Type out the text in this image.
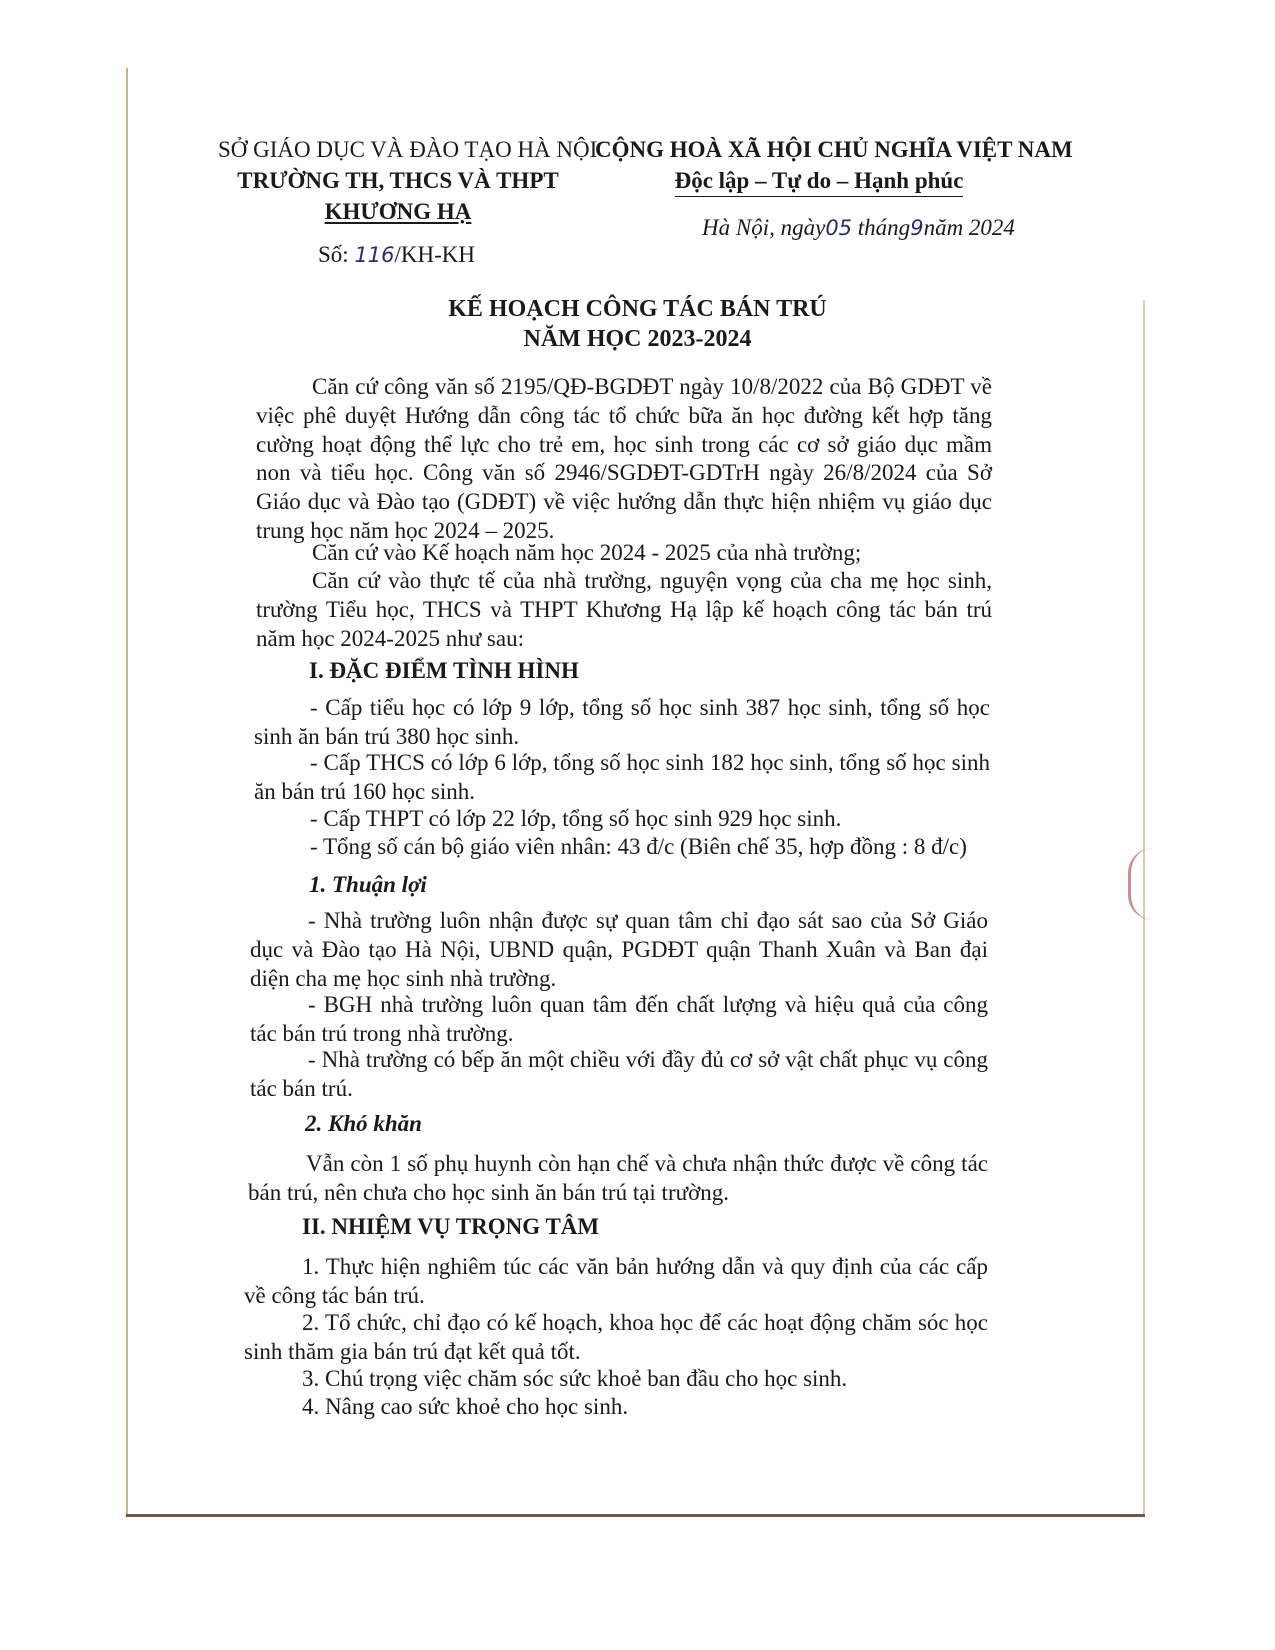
SỞ GIÁO DỤC VÀ ĐÀO TẠO HÀ NỘI
TRƯỜNG TH, THCS VÀ THPT
KHƯƠNG HẠ
Số: 116/KH-KH
CỘNG HOÀ XÃ HỘI CHỦ NGHĨA VIỆT NAM
Độc lập – Tự do – Hạnh phúc
Hà Nội, ngày05 tháng9năm 2024
KẾ HOẠCH CÔNG TÁC BÁN TRÚ
NĂM HỌC 2023-2024

Căn cứ công văn số 2195/QĐ-BGDĐT ngày 10/8/2022 của Bộ GDĐT về việc phê duyệt Hướng dẫn công tác tổ chức bữa ăn học đường kết hợp tăng cường hoạt động thể lực cho trẻ em, học sinh trong các cơ sở giáo dục mầm non và tiểu học. Công văn số 2946/SGDĐT-GDTrH ngày 26/8/2024 của Sở Giáo dục và Đào tạo (GDĐT) về việc hướng dẫn thực hiện nhiệm vụ giáo dục trung học năm học 2024 – 2025.

Căn cứ vào Kế hoạch năm học 2024 - 2025 của nhà trường;

Căn cứ vào thực tế của nhà trường, nguyện vọng của cha mẹ học sinh, trường Tiểu học, THCS và THPT Khương Hạ lập kế hoạch công tác bán trú năm học 2024-2025 như sau:

I. ĐẶC ĐIỂM TÌNH HÌNH

- Cấp tiểu học có lớp 9 lớp, tổng số học sinh 387 học sinh, tổng số học sinh ăn bán trú 380 học sinh.

- Cấp THCS có lớp 6 lớp, tổng số học sinh 182 học sinh, tổng số học sinh ăn bán trú 160 học sinh.

- Cấp THPT có lớp 22 lớp, tổng số học sinh 929 học sinh.

- Tổng số cán bộ giáo viên nhân: 43 đ/c (Biên chế 35, hợp đồng : 8 đ/c)

1. Thuận lợi

- Nhà trường luôn nhận được sự quan tâm chỉ đạo sát sao của Sở Giáo dục và Đào tạo Hà Nội, UBND quận, PGDĐT quận Thanh Xuân và Ban đại diện cha mẹ học sinh nhà trường.

- BGH nhà trường luôn quan tâm đến chất lượng và hiệu quả của công tác bán trú trong nhà trường.

- Nhà trường có bếp ăn một chiều với đầy đủ cơ sở vật chất phục vụ công tác bán trú.

2. Khó khăn

Vẫn còn 1 số phụ huynh còn hạn chế và chưa nhận thức được về công tác bán trú, nên chưa cho học sinh ăn bán trú tại trường.

II. NHIỆM VỤ TRỌNG TÂM

1. Thực hiện nghiêm túc các văn bản hướng dẫn và quy định của các cấp về công tác bán trú.

2. Tổ chức, chỉ đạo có kế hoạch, khoa học để các hoạt động chăm sóc học sinh thăm gia bán trú đạt kết quả tốt.

3. Chú trọng việc chăm sóc sức khoẻ ban đầu cho học sinh.

4. Nâng cao sức khoẻ cho học sinh.
